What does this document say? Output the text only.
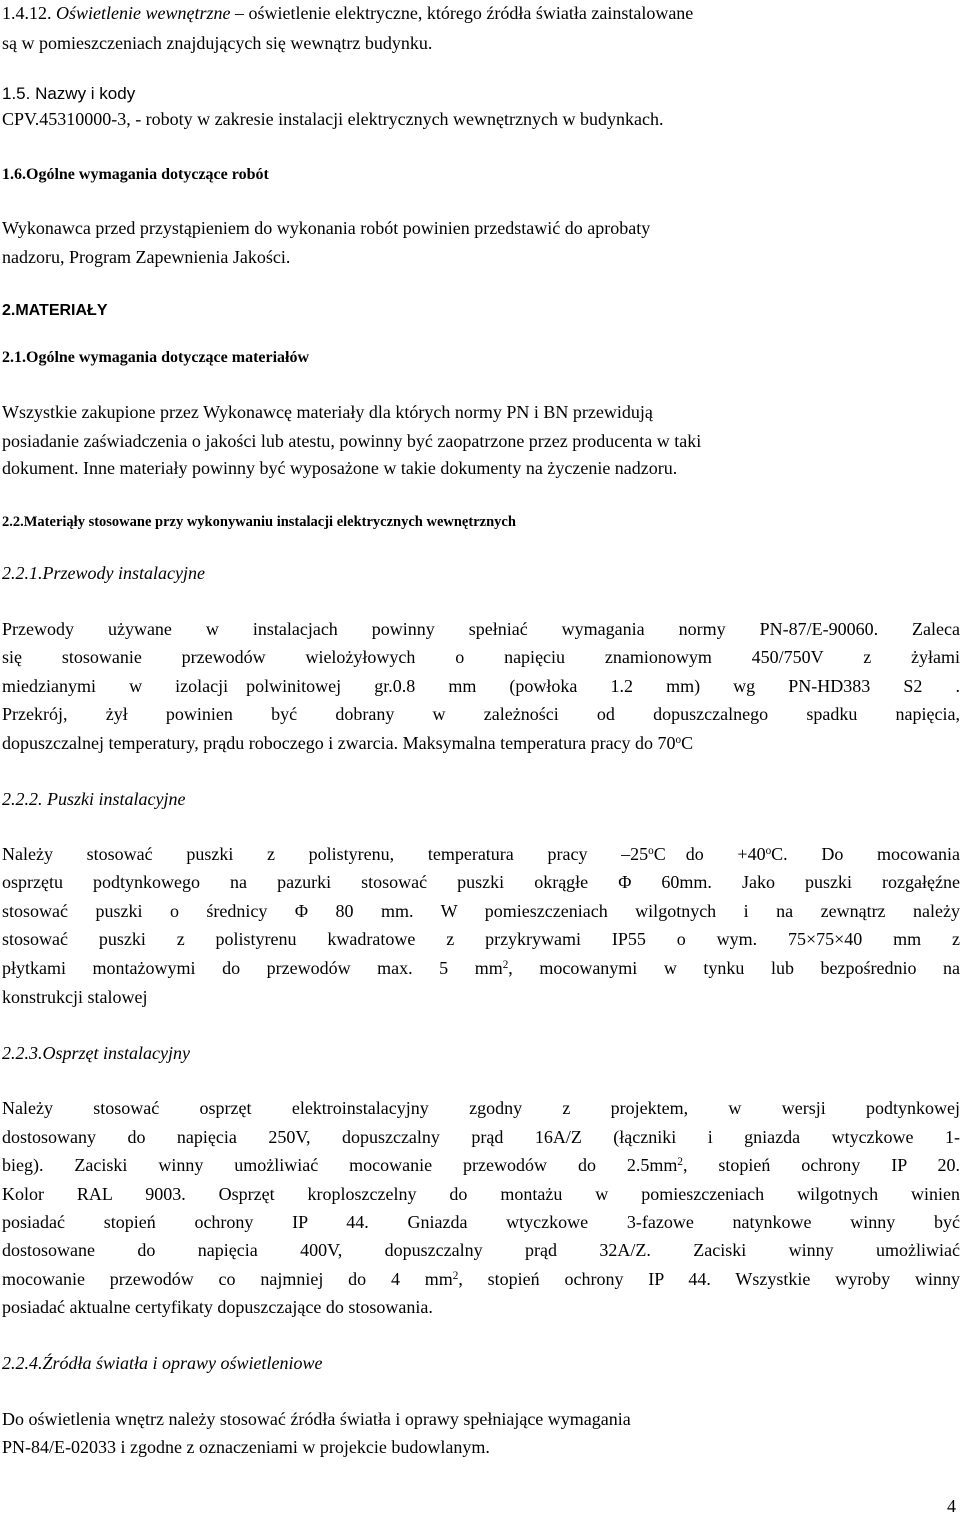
1.4.12. Oświetlenie wewnętrzne – oświetlenie elektryczne, którego źródła światła zainstalowane
są w pomieszczeniach znajdujących się wewnątrz budynku.
1.5. Nazwy i kody
CPV.45310000-3, - roboty w zakresie instalacji elektrycznych wewnętrznych w budynkach.
1.6.Ogólne wymagania dotyczące robót
Wykonawca przed przystąpieniem do wykonania robót powinien przedstawić do aprobaty
nadzoru, Program Zapewnienia Jakości.
2.MATERIAŁY
2.1.Ogólne wymagania dotyczące materiałów
Wszystkie zakupione przez Wykonawcę materiały dla których normy PN i BN przewidują
posiadanie zaświadczenia o jakości lub atestu, powinny być zaopatrzone przez producenta w taki
dokument. Inne materiały powinny być wyposażone w takie dokumenty na życzenie nadzoru.
2.2.Materiąły stosowane przy wykonywaniu instalacji elektrycznych wewnętrznych
2.2.1.Przewody instalacyjne
Przewody używane w instalacjach powinny spełniać wymagania normy PN-87/E-90060. Zaleca
się stosowanie przewodów wielożyłowych o napięciu znamionowym 450/750V z żyłami
miedzianymi w izolacji polwinitowej gr.0.8 mm (powłoka 1.2 mm) wg PN-HD383 S2 .
Przekrój, żył powinien być dobrany w zależności od dopuszczalnego spadku napięcia,
dopuszczalnej temperatury, prądu roboczego i zwarcia. Maksymalna temperatura pracy do 70$^o$C
2.2.2. Puszki instalacyjne
Należy stosować puszki z polistyrenu, temperatura pracy –25$^o$C do $+40^oC$. Do mocowania
osprzętu podtynkowego na pazurki stosować puszki okrągłe Φ 60mm. Jako puszki rozgałęźne
stosować puszki o średnicy Φ 80 mm. W pomieszczeniach wilgotnych i na zewnątrz należy
stosować puszki z polistyrenu kwadratowe z przykrywami IP55 o wym. 75×75×40 mm z
płytkami montażowymi do przewodów max. 5 $mm^2$, mocowanymi w tynku lub bezpośrednio na
konstrukcji stalowej
2.2.3.Osprzęt instalacyjny
Należy stosować osprzęt elektroinstalacyjny zgodny z projektem, w wersji podtynkowej
dostosowany do napięcia 250V, dopuszczalny prąd 16A/Z (łączniki i gniazda wtyczkowe 1-
bieg). Zaciski winny umożliwiać mocowanie przewodów do $2.5mm^2$, stopień ochrony IP 20.
Kolor RAL 9003. Osprzęt kroploszczelny do montażu w pomieszczeniach wilgotnych winien
posiadać stopień ochrony IP 44. Gniazda wtyczkowe 3-fazowe natynkowe winny być
dostosowane do napięcia 400V, dopuszczalny prąd 32A/Z. Zaciski winny umożliwiać
mocowanie przewodów co najmniej do 4 $mm^2$, stopień ochrony IP 44. Wszystkie wyroby winny
posiadać aktualne certyfikaty dopuszczające do stosowania.
2.2.4.Źródła światła i oprawy oświetleniowe
Do oświetlenia wnętrz należy stosować źródła światła i oprawy spełniające wymagania
PN-84/E-02033 i zgodne z oznaczeniami w projekcie budowlanym.
4
